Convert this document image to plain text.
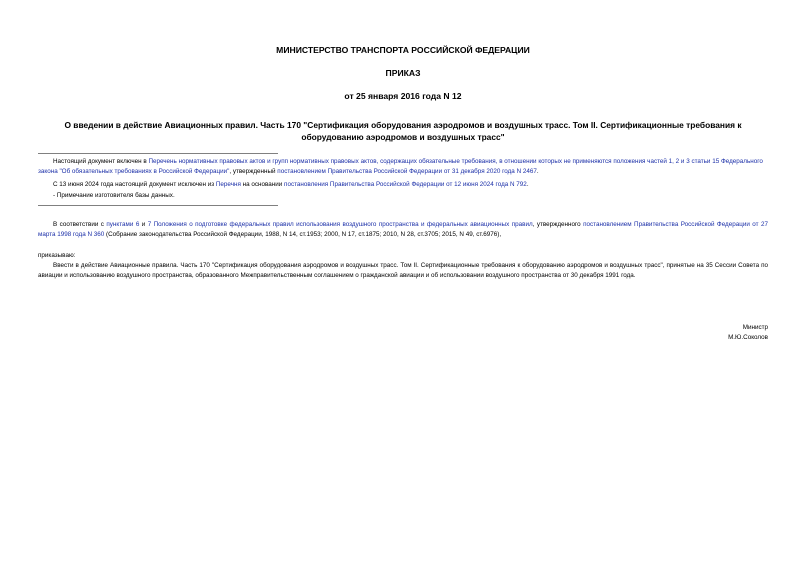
МИНИСТЕРСТВО ТРАНСПОРТА РОССИЙСКОЙ ФЕДЕРАЦИИ
ПРИКАЗ
от 25 января 2016 года N 12
О введении в действие Авиационных правил. Часть 170 "Сертификация оборудования аэродромов и воздушных трасс. Том II. Сертификационные требования к оборудованию аэродромов и воздушных трасс"
Настоящий документ включен в Перечень нормативных правовых актов и групп нормативных правовых актов, содержащих обязательные требования, в отношении которых не применяются положения частей 1, 2 и 3 статьи 15 Федерального закона "Об обязательных требованиях в Российской Федерации", утвержденный постановлением Правительства Российской Федерации от 31 декабря 2020 года N 2467.
С 13 июня 2024 года настоящий документ исключен из Перечня на основании постановления Правительства Российской Федерации от 12 июня 2024 года N 792.
- Примечание изготовителя базы данных.
В соответствии с пунктами 6 и 7 Положения о подготовке федеральных правил использования воздушного пространства и федеральных авиационных правил, утвержденного постановлением Правительства Российской Федерации от 27 марта 1998 года N 360 (Собрание законодательства Российской Федерации, 1988, N 14, ст.1953; 2000, N 17, ст.1875; 2010, N 28, ст.3705; 2015, N 49, ст.6976),
приказываю:
Ввести в действие Авиационные правила. Часть 170 "Сертификация оборудования аэродромов и воздушных трасс. Том II. Сертификационные требования к оборудованию аэродромов и воздушных трасс", принятые на 35 Сессии Совета по авиации и использованию воздушного пространства, образованного Межправительственным соглашением о гражданской авиации и об использовании воздушного пространства от 30 декабря 1991 года.
Министр
М.Ю.Соколов
